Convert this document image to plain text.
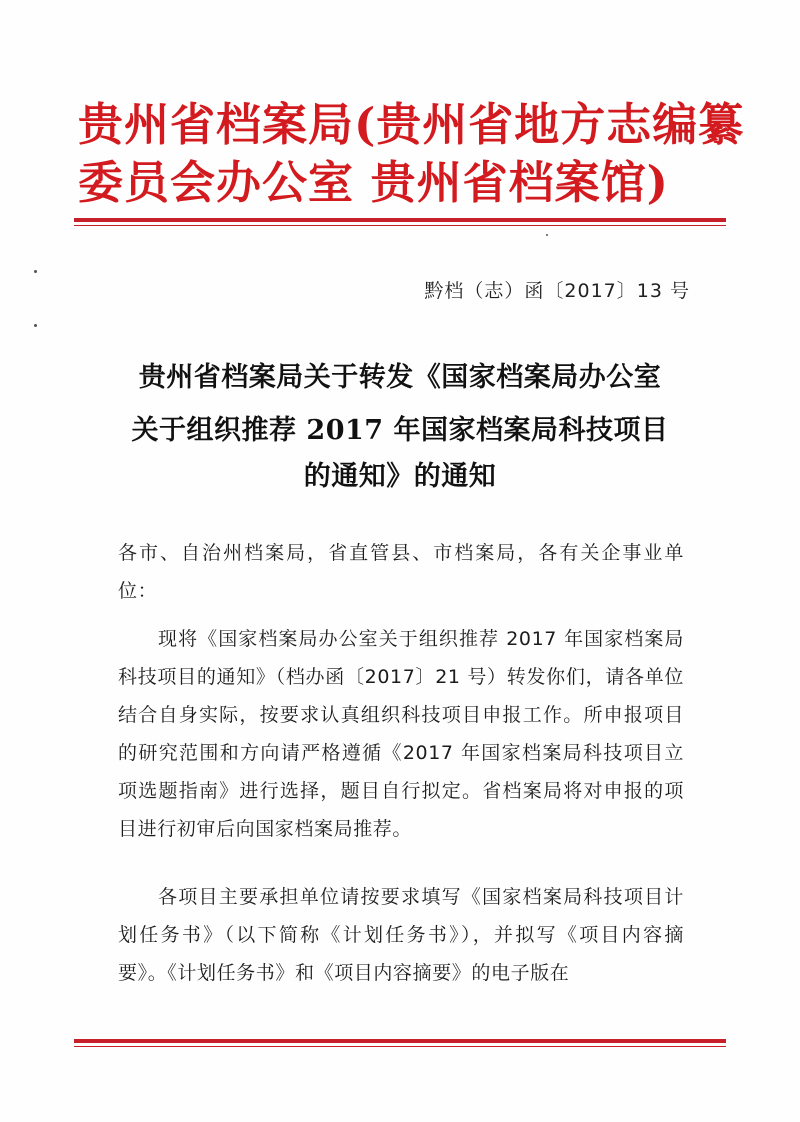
贵州省档案局(贵州省地方志编纂
委员会办公室 贵州省档案馆)
黔档（志）函〔2017〕13 号
贵州省档案局关于转发《国家档案局办公室
关于组织推荐 2017 年国家档案局科技项目
的通知》的通知
各市、自治州档案局，省直管县、市档案局，各有关企事业单位：
现将《国家档案局办公室关于组织推荐 2017 年国家档案局科技项目的通知》（档办函〔2017〕21 号）转发你们，请各单位结合自身实际，按要求认真组织科技项目申报工作。所申报项目的研究范围和方向请严格遵循《2017 年国家档案局科技项目立项选题指南》进行选择，题目自行拟定。省档案局将对申报的项目进行初审后向国家档案局推荐。
各项目主要承担单位请按要求填写《国家档案局科技项目计划任务书》（以下简称《计划任务书》），并拟写《项目内容摘要》。《计划任务书》和《项目内容摘要》的电子版在
